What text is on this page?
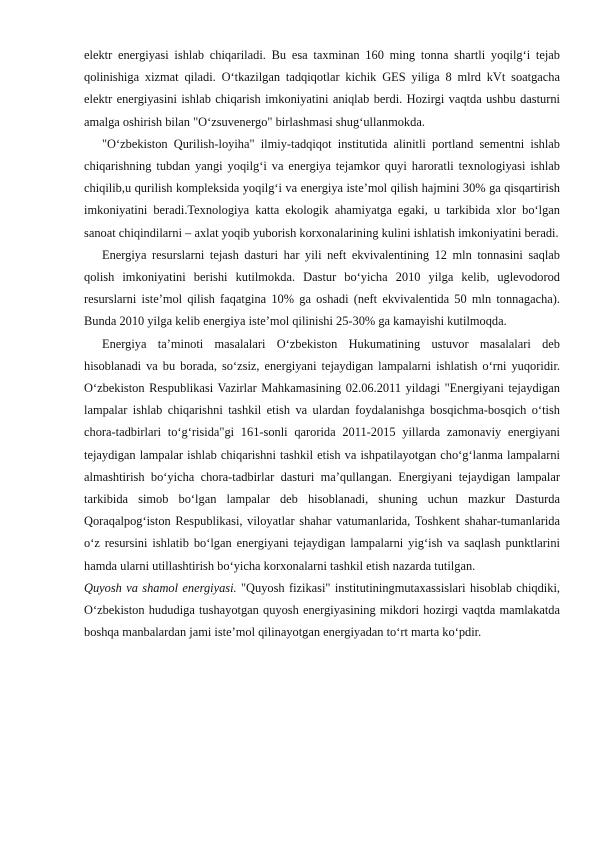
elektr energiyasi ishlab chiqariladi. Bu esa taxminan 160 ming tonna shartli yoqilg‘i tejab qolinishiga xizmat qiladi. O‘tkazilgan tadqiqotlar kichik GES yiliga 8 mlrd kVt soatgacha elektr energiyasini ishlab chiqarish imkoniyatini aniqlab berdi. Hozirgi vaqtda ushbu dasturni amalga oshirish bilan "O‘zsuvenergo" birlashmasi shug‘ullanmokda.

"O‘zbekiston Qurilish-loyiha" ilmiy-tadqiqot institutida alinitli portland sementni ishlab chiqarishning tubdan yangi yoqilg‘i va energiya tejamkor quyi haroratli texnologiyasi ishlab chiqilib,u qurilish kompleksida yoqilg‘i va energiya iste’mol qilish hajmini 30% ga qisqartirish imkoniyatini beradi.Texnologiya katta ekologik ahamiyatga egaki, u tarkibida xlor bo‘lgan sanoat chiqindilarni – axlat yoqib yuborish korxonalarining kulini ishlatish imkoniyatini beradi.

Energiya resurslarni tejash dasturi har yili neft ekvivalentining 12 mln tonnasini saqlab qolish imkoniyatini berishi kutilmokda. Dastur bo‘yicha 2010 yilga kelib, uglevodorod resurslarni iste’mol qilish faqatgina 10% ga oshadi (neft ekvivalentida 50 mln tonnagacha). Bunda 2010 yilga kelib energiya iste’mol qilinishi 25-30% ga kamayishi kutilmoqda.

Energiya ta’minoti masalalari O‘zbekiston Hukumatining ustuvor masalalari deb hisoblanadi va bu borada, so‘zsiz, energiyani tejaydigan lampalarni ishlatish o‘rni yuqoridir. O‘zbekiston Respublikasi Vazirlar Mahkamasining 02.06.2011 yildagi "Energiyani tejaydigan lampalar ishlab chiqarishni tashkil etish va ulardan foydalanishga bosqichma-bosqich o‘tish chora-tadbirlari to‘g‘risida"gi 161-sonli qarorida 2011-2015 yillarda zamonaviy energiyani tejaydigan lampalar ishlab chiqarishni tashkil etish va ishpatilayotgan cho‘g‘lanma lampalarni almashtirish bo‘yicha chora-tadbirlar dasturi ma’qullangan. Energiyani tejaydigan lampalar tarkibida simob bo‘lgan lampalar deb hisoblanadi, shuning uchun mazkur Dasturda Qoraqalpog‘iston Respublikasi, viloyatlar shahar vatumanlarida, Toshkent shahar-tumanlarida o‘z resursini ishlatib bo‘lgan energiyani tejaydigan lampalarni yig‘ish va saqlash punktlarini hamda ularni utillashtirish bo‘yicha korxonalarni tashkil etish nazarda tutilgan.

Quyosh va shamol energiyasi. "Quyosh fizikasi" institutiningmutaxassislari hisoblab chiqdiki, O‘zbekiston hududiga tushayotgan quyosh energiyasining mikdori hozirgi vaqtda mamlakatda boshqa manbalardan jami iste’mol qilinayotgan energiyadan to‘rt marta ko‘pdir.
